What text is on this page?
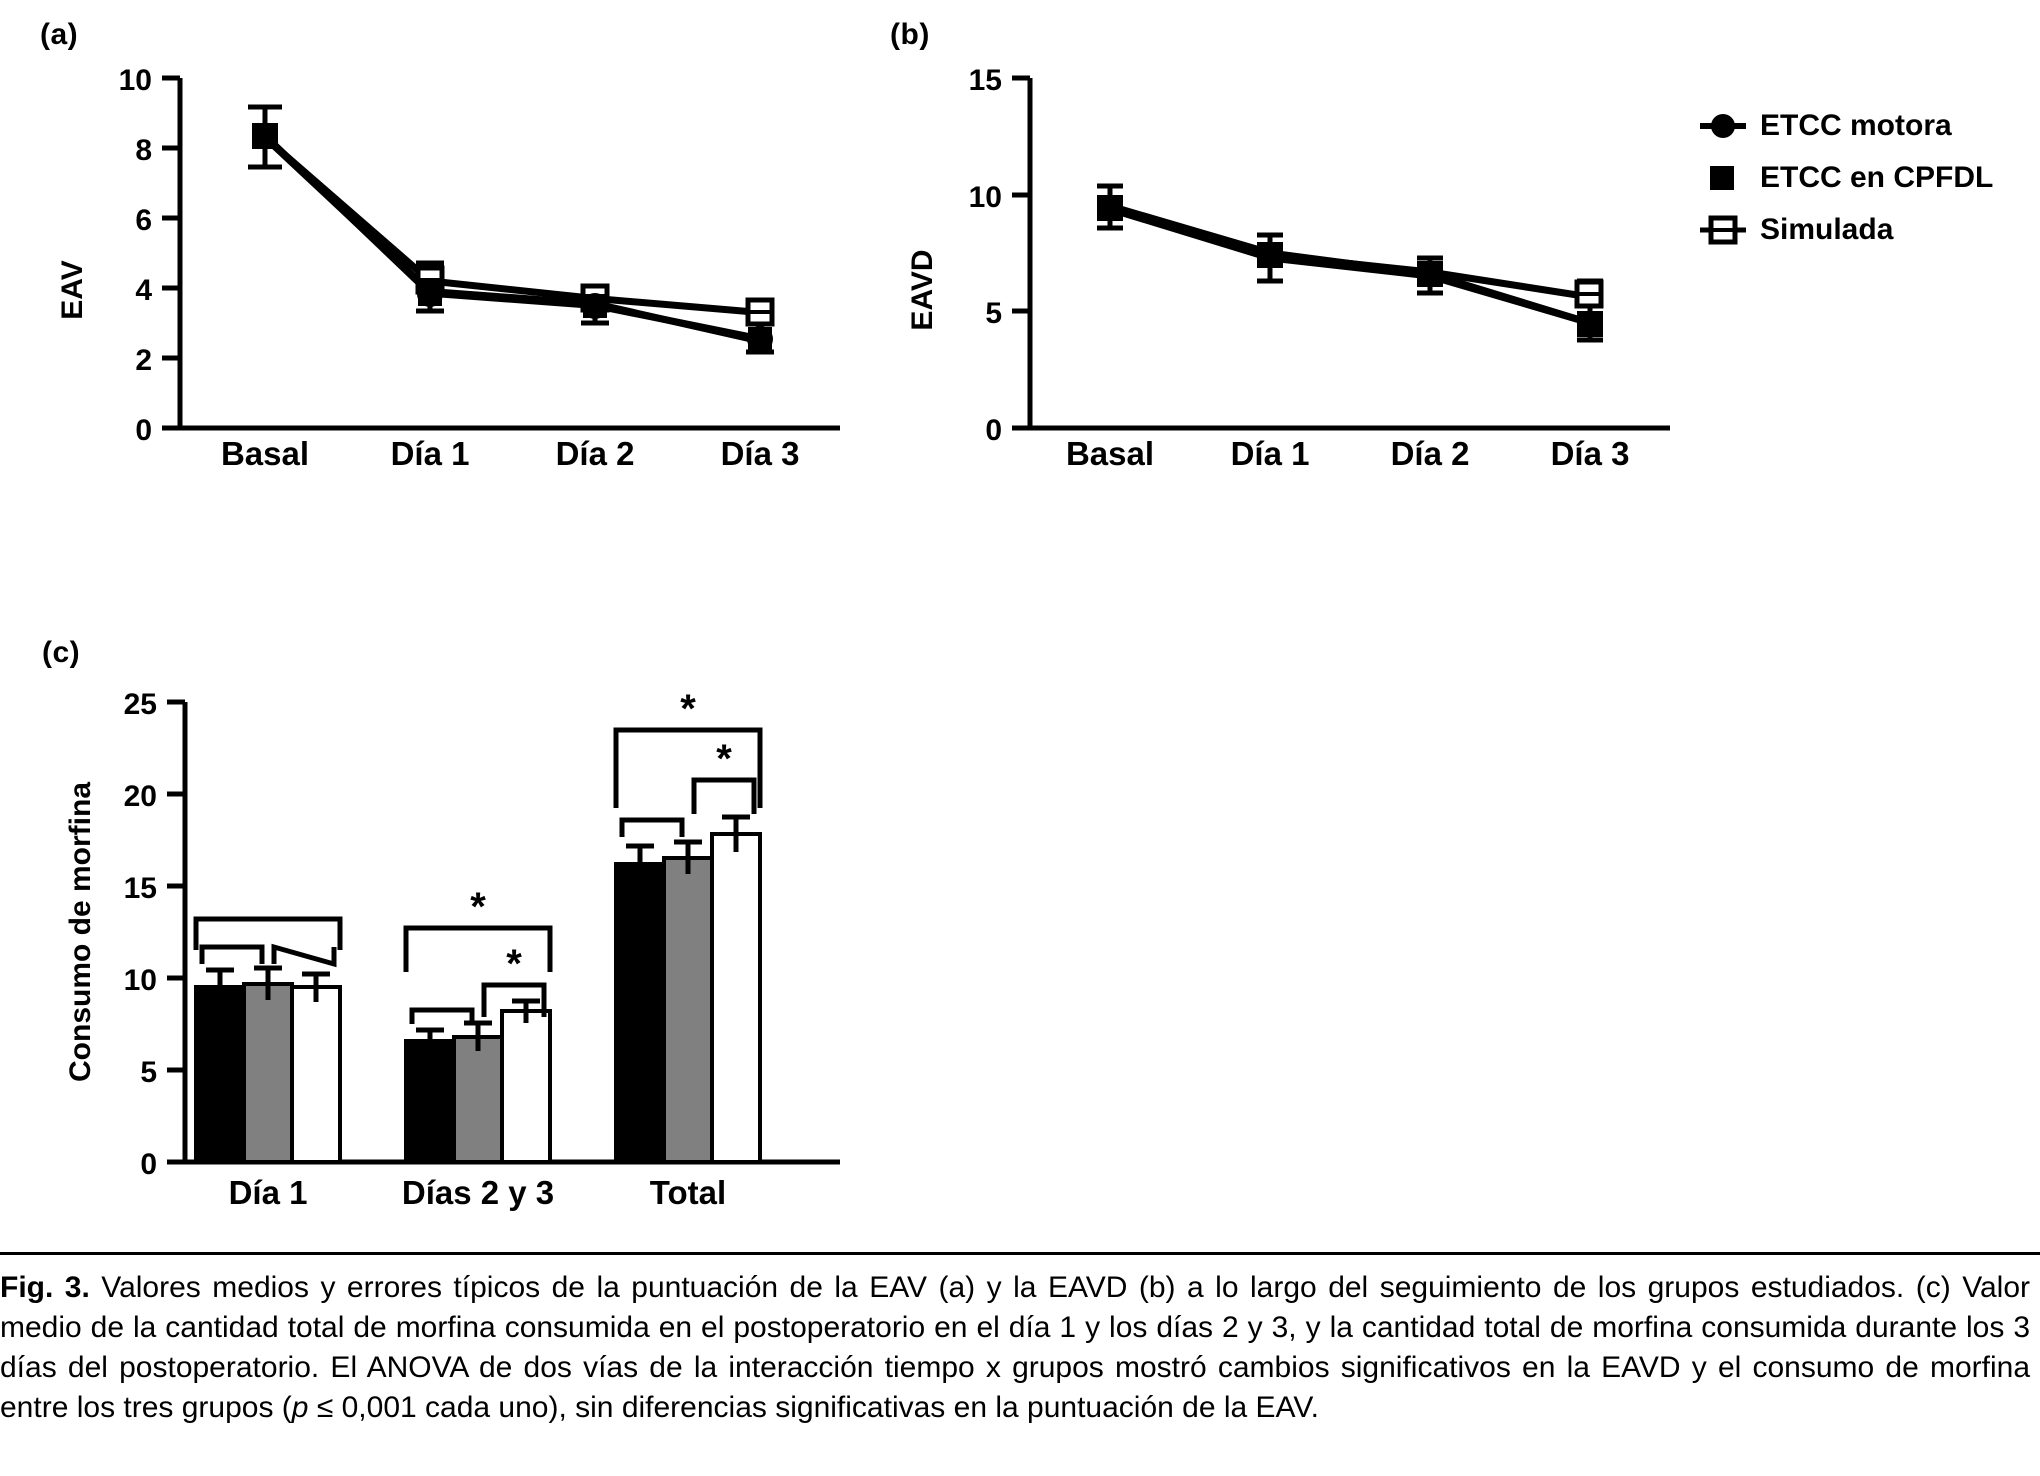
(a)
0
2
4
6
8
10
EAV
Basal Día 1	Día 2	Día 3
(b)
0
5
10
15
EAVD
Basal Día 1 Día 2 Día 3
ETCC motora
ETCC en CPFDL
Simulada
(c)
0
5
10
15
20
25
Consumo de morfina	*
*
*
*
Día 1	Días 2 y 3	Total
Fig. 3. Valores medios y errores típicos de la puntuación de la EAV (a) y la EAVD (b) a lo largo del seguimiento de los grupos estudiados. (c) Valor medio de la cantidad total de morfina consumida en el postoperatorio en el día 1 y los días 2 y 3, y la cantidad total de morfina consumida durante los 3 días del postoperatorio. El ANOVA de dos vías de la interacción tiempo x grupos mostró cambios significativos en la EAVD y el consumo de morfina entre los tres grupos (p ≤ 0,001 cada uno), sin diferencias significativas en la puntuación de la EAV.
